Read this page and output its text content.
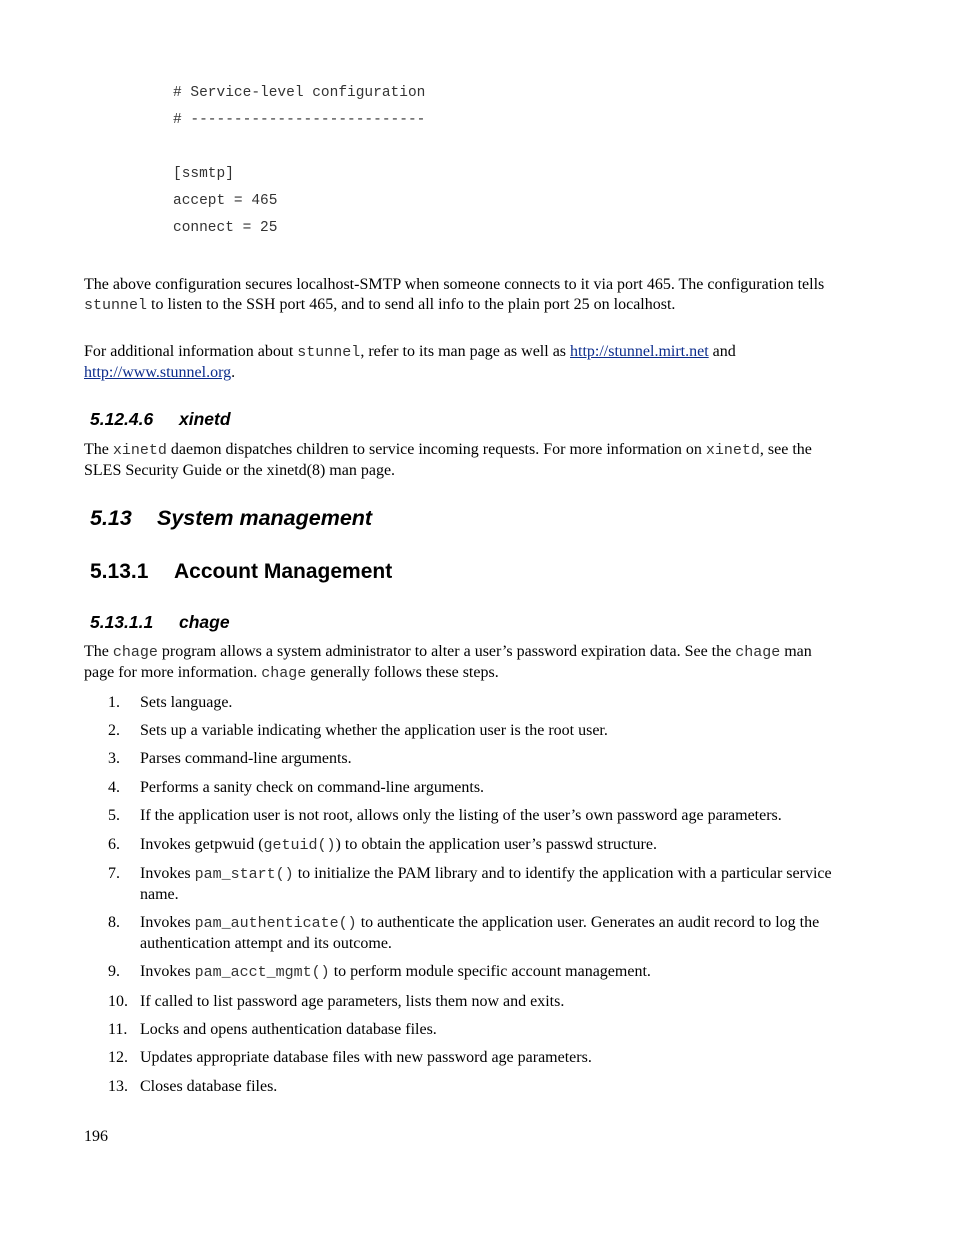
# Service-level configuration
# ---------------------------
[ssmtp]
accept = 465
connect = 25

The above configuration secures localhost-SMTP when someone connects to it via port 465. The configuration tells stunnel to listen to the SSH port 465, and to send all info to the plain port 25 on localhost.

For additional information about stunnel, refer to its man page as well as http://stunnel.mirt.net and http://www.stunnel.org.

5.12.4.6 xinetd

The xinetd daemon dispatches children to service incoming requests. For more information on xinetd, see the SLES Security Guide or the xinetd(8) man page.

5.13 System management
5.13.1 Account Management
5.13.1.1 chage

The chage program allows a system administrator to alter a user’s password expiration data. See the chage man page for more information. chage generally follows these steps.

1.	Sets language.
2.	Sets up a variable indicating whether the application user is the root user.
3.	Parses command-line arguments.
4.	Performs a sanity check on command-line arguments.
5.	If the application user is not root, allows only the listing of the user’s own password age parameters.
6.	Invokes getpwuid (getuid()) to obtain the application user’s passwd structure.
7.	Invokes pam_start() to initialize the PAM library and to identify the application with a particular service name.
8.	Invokes pam_authenticate() to authenticate the application user. Generates an audit record to log the authentication attempt and its outcome.
9.	Invokes pam_acct_mgmt() to perform module specific account management.
10. If called to list password age parameters, lists them now and exits.
11. Locks and opens authentication database files.
12. Updates appropriate database files with new password age parameters.
13. Closes database files.
196
